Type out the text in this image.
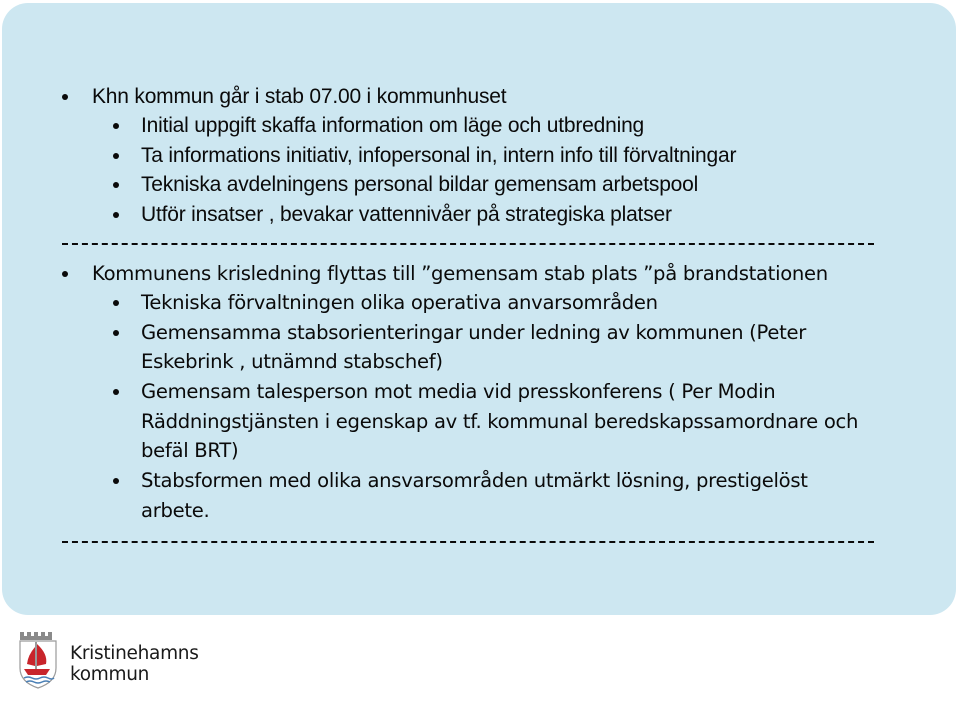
Khn kommun går i stab 07.00 i kommunhuset
Initial uppgift skaffa information om läge och utbredning
Ta informations initiativ, infopersonal in, intern info till förvaltningar
Tekniska avdelningens personal bildar gemensam arbetspool
Utför insatser , bevakar vattennivåer på strategiska platser
Kommunens krisledning flyttas till ”gemensam stab plats ”på brandstationen
Tekniska förvaltningen olika operativa anvarsområden
Gemensamma stabsorienteringar under ledning av kommunen (Peter
Eskebrink , utnämnd stabschef)
Gemensam talesperson mot media vid presskonferens ( Per Modin
Räddningstjänsten i egenskap av tf. kommunal beredskapssamordnare och
befäl BRT)
Stabsformen med olika ansvarsområden utmärkt lösning, prestigelöst
arbete.
Kristinehamns
kommun
